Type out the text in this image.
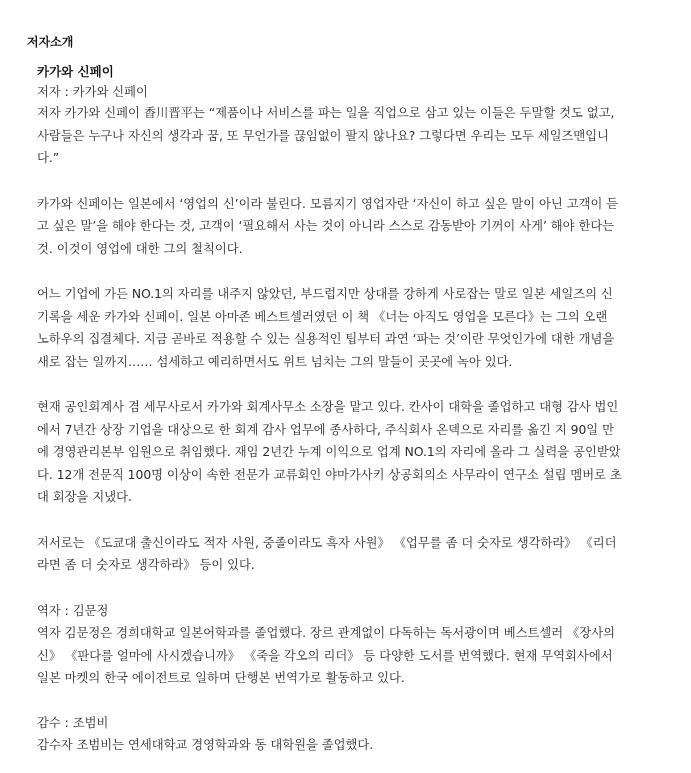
저자소개
카가와 신페이
저자 : 카가와 신페이
저자 카가와 신페이 香川晋平는 “제품이나 서비스를 파는 일을 직업으로 삼고 있는 이들은 두말할 것도 없고,
사람들은 누구나 자신의 생각과 꿈, 또 무언가를 끊임없이 팔지 않나요? 그렇다면 우리는 모두 세일즈맨입니
다.”
카가와 신페이는 일본에서 ‘영업의 신’이라 불린다. 모름지기 영업자란 ‘자신이 하고 싶은 말이 아닌 고객이 듣
고 싶은 말’을 해야 한다는 것, 고객이 ‘필요해서 사는 것이 아니라 스스로 감동받아 기꺼이 사게’ 해야 한다는
것. 이것이 영업에 대한 그의 철칙이다.
어느 기업에 가든 NO.1의 자리를 내주지 않았던, 부드럽지만 상대를 강하게 사로잡는 말로 일본 세일즈의 신
기록을 세운 카가와 신페이. 일본 아마존 베스트셀러였던 이 책 《너는 아직도 영업을 모른다》는 그의 오랜
노하우의 집결체다. 지금 곧바로 적용할 수 있는 실용적인 팁부터 과연 ‘파는 것’이란 무엇인가에 대한 개념을
새로 잡는 일까지…… 섬세하고 예리하면서도 위트 넘치는 그의 말들이 곳곳에 녹아 있다.
현재 공인회계사 겸 세무사로서 카가와 회계사무소 소장을 맡고 있다. 칸사이 대학을 졸업하고 대형 감사 법인
에서 7년간 상장 기업을 대상으로 한 회계 감사 업무에 종사하다, 주식회사 온덱으로 자리를 옮긴 지 90일 만
에 경영관리본부 임원으로 취임했다. 재임 2년간 누계 이익으로 업계 NO.1의 자리에 올라 그 실력을 공인받았
다. 12개 전문직 100명 이상이 속한 전문가 교류회인 야마가사키 상공회의소 사무라이 연구소 설립 멤버로 초
대 회장을 지냈다.
저서로는 《도쿄대 출신이라도 적자 사원, 중졸이라도 흑자 사원》 《업무를 좀 더 숫자로 생각하라》 《리더
라면 좀 더 숫자로 생각하라》 등이 있다.
역자 : 김문정
역자 김문정은 경희대학교 일본어학과를 졸업했다. 장르 관계없이 다독하는 독서광이며 베스트셀러 《장사의
신》 《판다를 얼마에 사시겠습니까》 《죽을 각오의 리더》 등 다양한 도서를 번역했다. 현재 무역회사에서
일본 마켓의 한국 에이전트로 일하며 단행본 번역가로 활동하고 있다.
감수 : 조범비
감수자 조범비는 연세대학교 경영학과와 동 대학원을 졸업했다.
